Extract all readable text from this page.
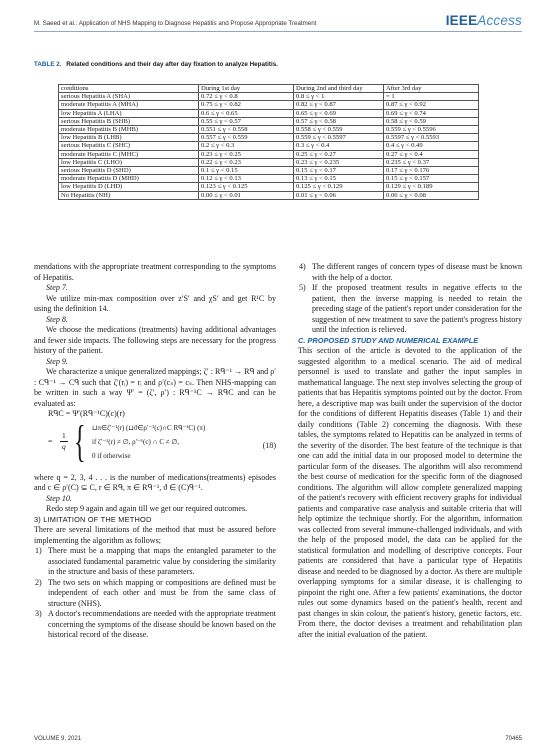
M. Saeed et al.: Application of NHS Mapping to Diagnose Hepatitis and Propose Appropriate Treatment	IEEEAccess
TABLE 2. Related conditions and their day after day fixation to analyze Hepatitis.
conditions	During 1st day	During 2nd and third day	After 3rd day
serious Hepatitis A (SHA)	0.72 ≤ γ < 0.8	0.8 ≤ γ < 1	= 1
moderate Hepatitis A (MHA)	0.75 ≤ γ < 0.82	0.82 ≤ γ < 0.87	0.87 ≤ γ < 0.92
low Hepatitis A (LHA)	0.6 ≤ γ < 0.65	0.65 ≤ γ < 0.69	0.69 ≤ γ < 0.74
serious Hepatitis B (SHB)	0.55 ≤ γ < 0.57	0.57 ≤ γ < 0.58	0.58 ≤ γ < 0.59
moderate Hepatitis B (MHB)	0.551 ≤ γ < 0.558	0.558 ≤ γ < 0.559	0.559 ≤ γ < 0.5596
low Hepatitis B (LHB)	0.557 ≤ γ < 0.559	0.559 ≤ γ < 0.5597	0.5597 ≤ γ < 0.5593
serious Hepatitis C (SHC)	0.2 ≤ γ < 0.3	0.3 ≤ γ < 0.4	0.4 ≤ γ < 0.49
moderate Hepatitis C (MHC)	0.23 ≤ γ < 0.25	0.25 ≤ γ < 0.27	0.27 ≤ γ < 0.4
low Hepatitis C (LHO)	0.22 ≤ γ < 0.23	0.23 ≤ γ < 0.235	0.235 ≤ γ < 0.37
serious Hepatitis D (SHD)	0.1 ≤ γ < 0.15	0.15 ≤ γ < 0.17	0.17 ≤ γ < 0.176
moderate Hepatitis D (MHD)	0.12 ≤ γ < 0.13	0.13 ≤ γ < 0.15	0.15 ≤ γ < 0.157
low Hepatitis D (LHD)	0.123 ≤ γ < 0.125	0.125 ≤ γ < 0.129	0.129 ≤ γ < 0.189
No Hepatitis (NH)	0.00 ≤ γ < 0.01	0.01 ≤ γ < 0.06	0.06 ≤ γ < 0.08

mendations with the appropriate treatment corresponding to the symptoms of Hepatitis.

Step 7.

We utilize min-max composition over z′S′ and χS′ and get R¹C by using the definition 14.

Step 8.

We choose the medications (treatments) having additional advantages and fewer side impacts. The following steps are necessary for the progress history of the patient.

Step 9.

We characterize a unique generalized mappings; ζ′ : Rᑫ⁻¹ → Rᑫ and ρ′ : Cᑫ⁻¹ → Cᑫ such that ζ′(rᵢ) = rᵢ and ρ′(cₛ) = cₛ. Then NHS-mapping can be written in such a way Ψ′ = (ζ′, ρ′) : Rᑫ⁻¹C → RᑫC and can be evaluated as:

RᑫC = Ψ′(Rᑫ⁻¹C)(c)(r)

=
1
q { ⊔π∈ζ′⁻¹(r) (⊔ϑ∈ρ′⁻¹(c)∩C Rᑫ⁻¹C) (π)
if ζ′⁻¹(r) ≠ ∅, ρ′⁻¹(c) ∩ C ≠ ∅,
0 if otherwise
(18)

where q = 2, 3, 4 . . . is the number of medications(treatments) episodes and c ∈ ρ′(C) ⊆ C, r ∈ Rᑫ, π ∈ Rᑫ⁻¹, ϑ ∈ (C)ᑫ⁻¹.

Step 10.

Redo step 9 again and again till we get our required outcomes.

3) LIMITATION OF THE METHOD

There are several limitations of the method that must be assured before implementing the algorithm as follows;

1) There must be a mapping that maps the entangled parameter to the associated fundamental parametric value by considering the similarity in the structure and basis of these parameters.
2) The two sets on which mapping or compositions are defined must be independent of each other and must be from the same class of structure (NHS).
3) A doctor's recommendations are needed with the appropriate treatment concerning the symptoms of the disease should be known based on the historical record of the disease.
4) The different ranges of concern types of disease must be known with the help of a doctor.
5) If the proposed treatment results in negative effects to the patient, then the inverse mapping is needed to retain the preceding stage of the patient's report under consideration for the suggestion of new treatment to save the patient's progress history until the infection is relieved.

C. PROPOSED STUDY AND NUMERICAL EXAMPLE

This section of the article is devoted to the application of the suggested algorithm to a medical scenario. The aid of medical personnel is used to translate and gather the input samples in mathematical language. The next step involves selecting the group of patients that has Hepatitis symptoms pointed out by the doctor. From here, a descriptive map was built under the supervision of the doctor for the conditions of different Hepatitis diseases (Table 1) and their daily conditions (Table 2) concerning the diagnosis. With these tables, the symptoms related to Hepatitis can be analyzed in terms of the severity of the disorder. The best feature of the technique is that one can add the initial data in our proposed model to determine the particular form of the diseases. The algorithm will also recommend the best course of medication for the specific form of the diagnosed conditions. The algorithm will allow complete generalized mapping of the patient's recovery with efficient recovery graphs for individual patients and comparative case analysis and suitable criteria that will help optimize the technique shortly. For the algorithm, information was collected from several immune-challenged individuals, and with the help of the proposed model, the data can be applied for the statistical formulation and modelling of descriptive concepts. Four patients are considered that have a particular type of Hepatitis disease and needed to be diagnosed by a doctor. As there are multiple overlapping symptoms for a similar disease, it is challenging to pinpoint the right one. After a few patients' examinations, the doctor rules out some dynamics based on the patient's health, recent and past changes in skin colour, the patient's history, genetic factors, etc. From there, the doctor devises a treatment and rehabilitation plan after the initial evaluation of the patient.

VOLUME 9, 2021	70465
